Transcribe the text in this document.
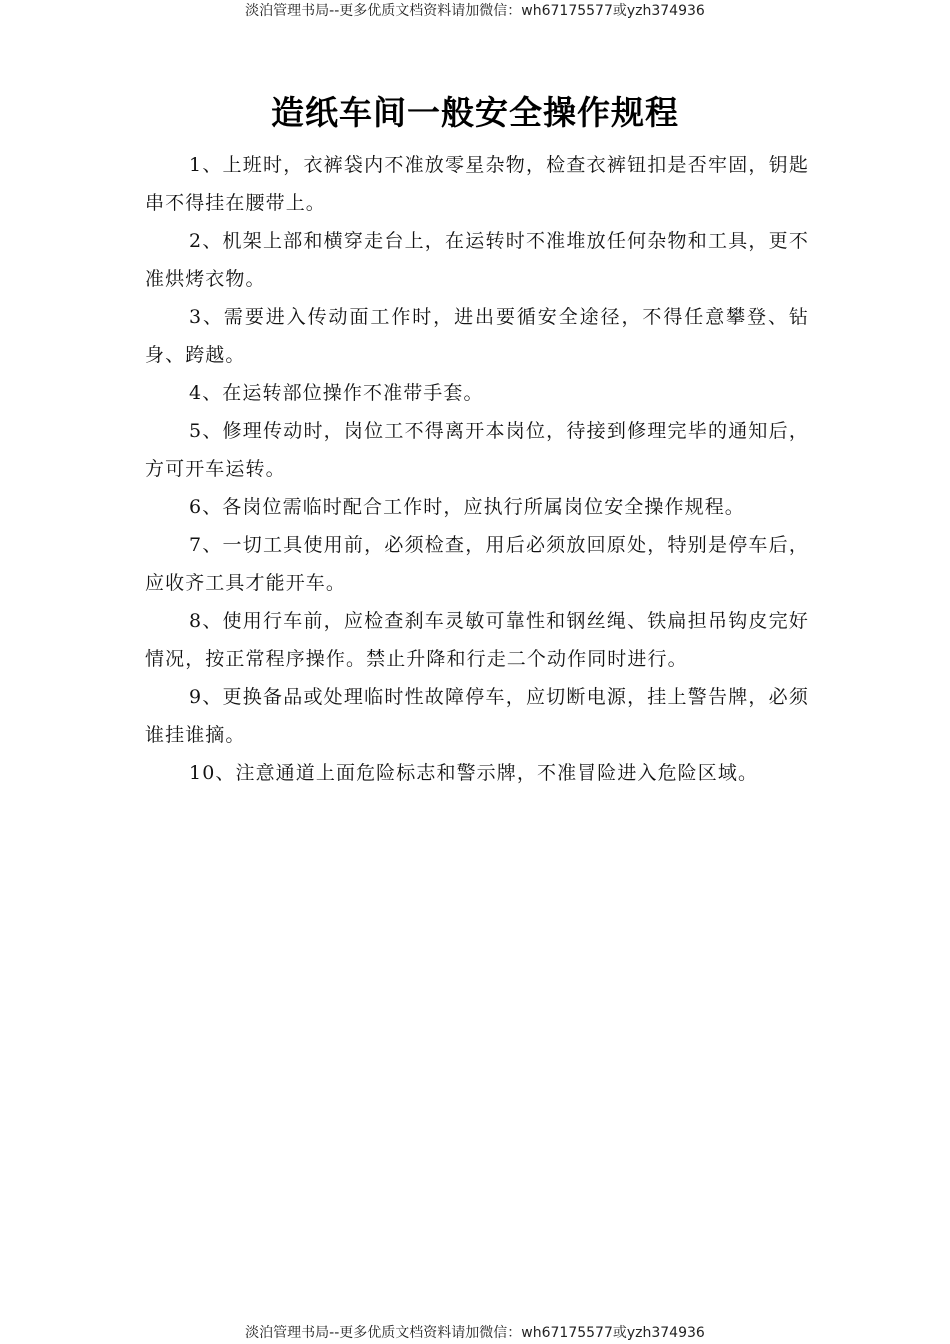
淡泊管理书局--更多优质文档资料请加微信：wh67175577或yzh374936
造纸车间一般安全操作规程

1、上班时，衣裤袋内不准放零星杂物，检查衣裤钮扣是否牢固，钥匙串不得挂在腰带上。

2、机架上部和横穿走台上，在运转时不准堆放任何杂物和工具，更不准烘烤衣物。

3、需要进入传动面工作时，进出要循安全途径，不得任意攀登、钻身、跨越。

4、在运转部位操作不准带手套。

5、修理传动时，岗位工不得离开本岗位，待接到修理完毕的通知后，方可开车运转。

6、各岗位需临时配合工作时，应执行所属岗位安全操作规程。

7、一切工具使用前，必须检查，用后必须放回原处，特别是停车后，应收齐工具才能开车。

8、使用行车前，应检查刹车灵敏可靠性和钢丝绳、铁扁担吊钩皮完好情况，按正常程序操作。禁止升降和行走二个动作同时进行。

9、更换备品或处理临时性故障停车，应切断电源，挂上警告牌，必须谁挂谁摘。

10、注意通道上面危险标志和警示牌，不准冒险进入危险区域。

淡泊管理书局--更多优质文档资料请加微信：wh67175577或yzh374936
